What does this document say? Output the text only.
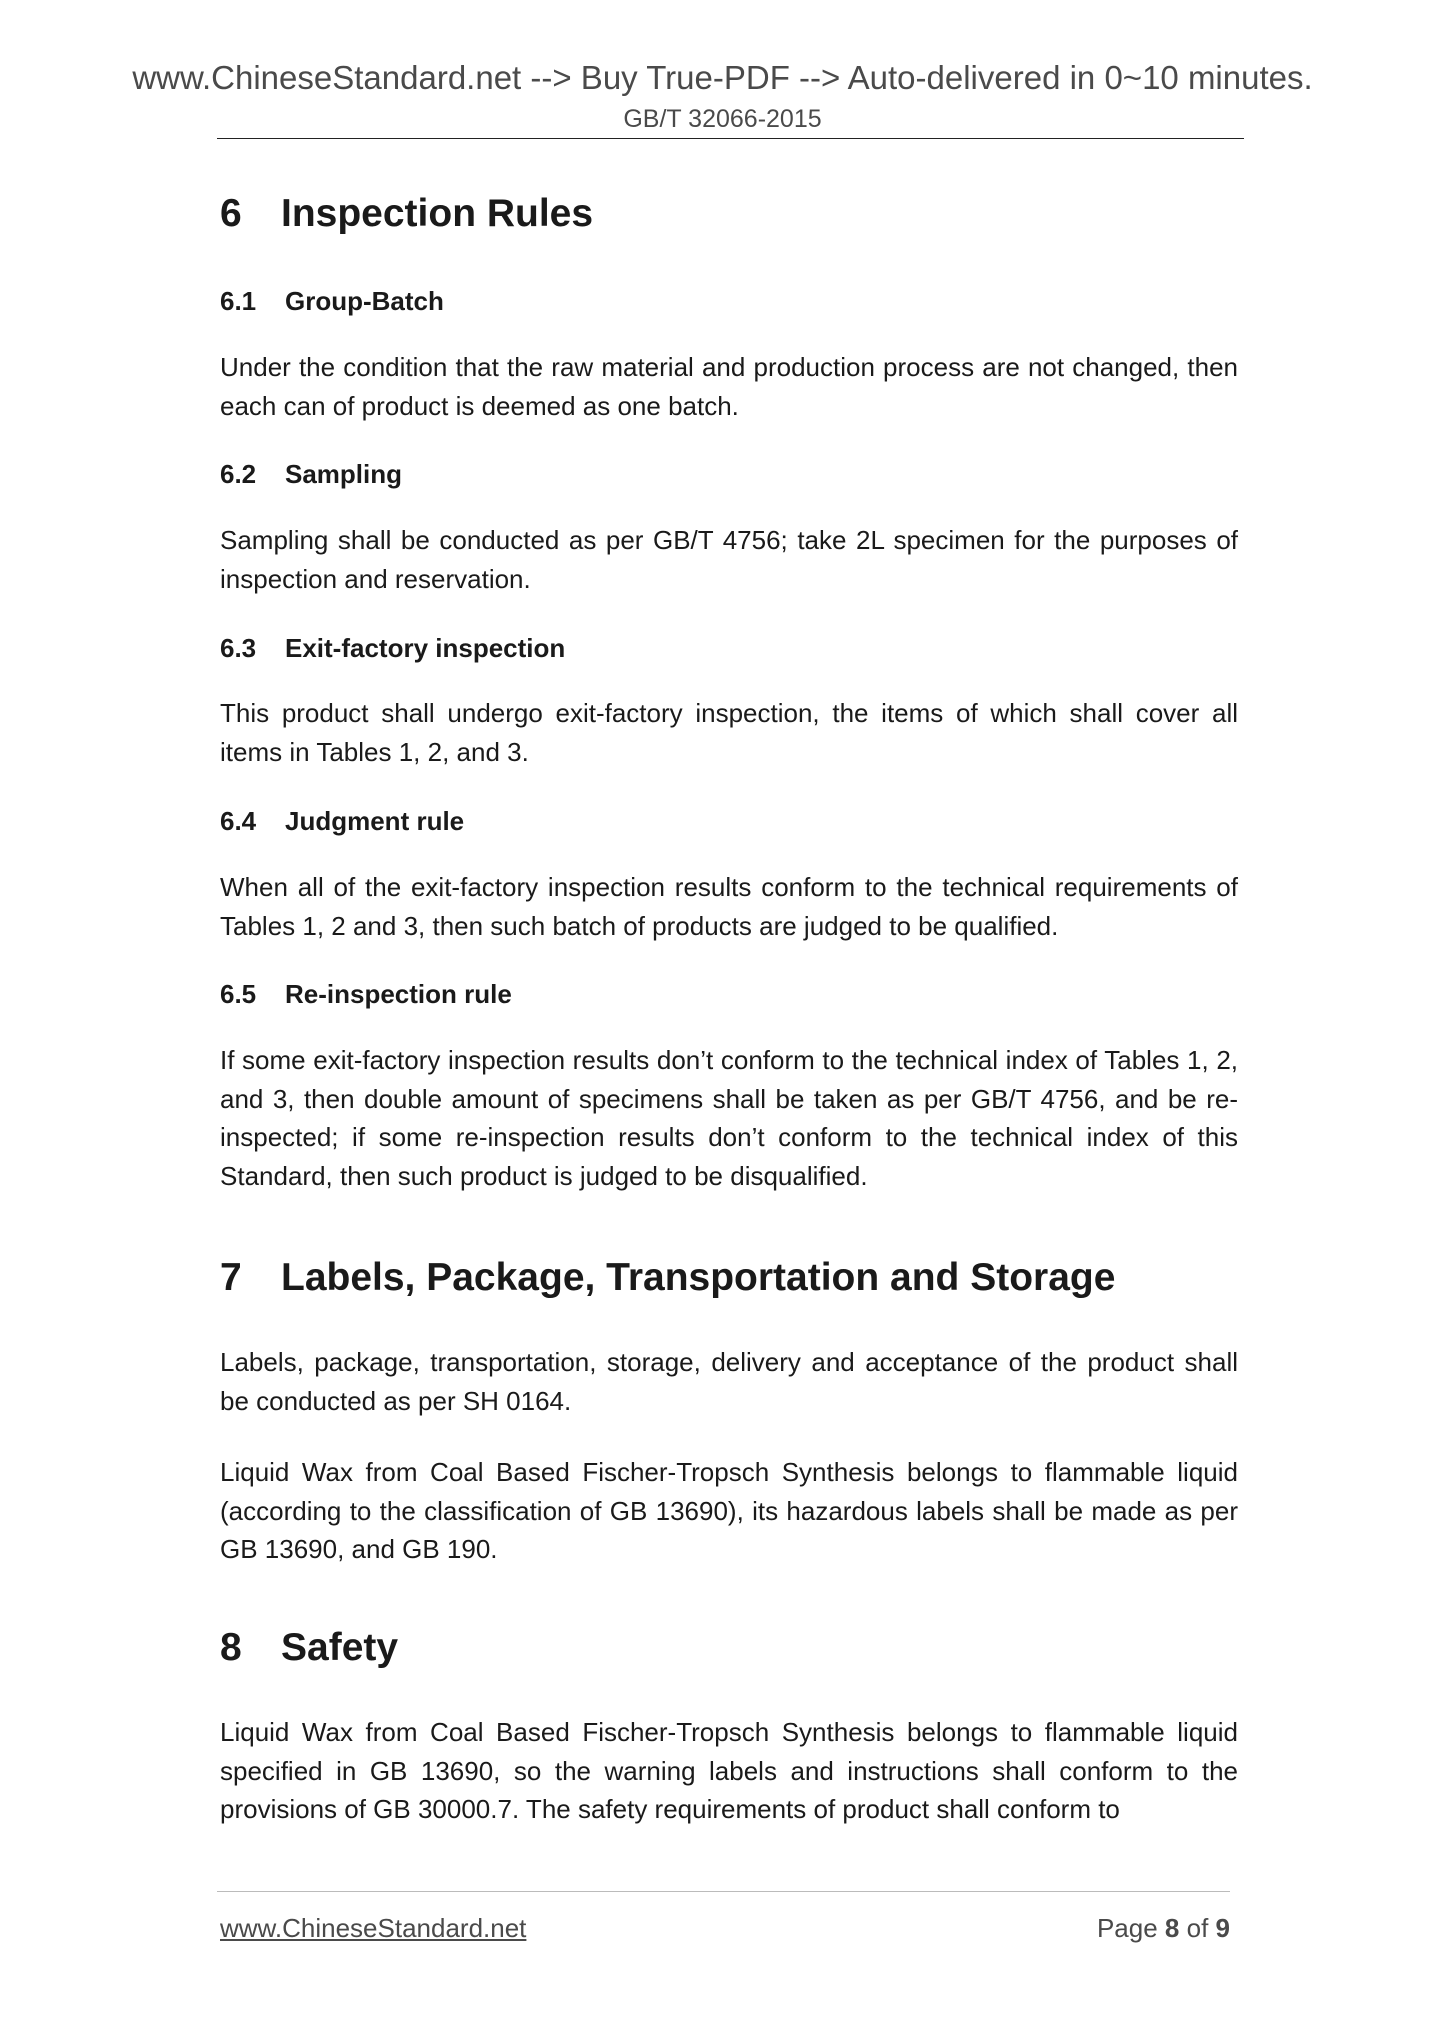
www.ChineseStandard.net --> Buy True-PDF --> Auto-delivered in 0~10 minutes.
GB/T 32066-2015
6 Inspection Rules
6.1 Group-Batch
Under the condition that the raw material and production process are not changed, then each can of product is deemed as one batch.
6.2 Sampling
Sampling shall be conducted as per GB/T 4756; take 2L specimen for the purposes of inspection and reservation.
6.3 Exit-factory inspection
This product shall undergo exit-factory inspection, the items of which shall cover all items in Tables 1, 2, and 3.
6.4 Judgment rule
When all of the exit-factory inspection results conform to the technical requirements of Tables 1, 2 and 3, then such batch of products are judged to be qualified.
6.5 Re-inspection rule
If some exit-factory inspection results don’t conform to the technical index of Tables 1, 2, and 3, then double amount of specimens shall be taken as per GB/T 4756, and be re-inspected; if some re-inspection results don’t conform to the technical index of this Standard, then such product is judged to be disqualified.
7 Labels, Package, Transportation and Storage
Labels, package, transportation, storage, delivery and acceptance of the product shall be conducted as per SH 0164.
Liquid Wax from Coal Based Fischer-Tropsch Synthesis belongs to flammable liquid (according to the classification of GB 13690), its hazardous labels shall be made as per GB 13690, and GB 190.
8 Safety
Liquid Wax from Coal Based Fischer-Tropsch Synthesis belongs to flammable liquid specified in GB 13690, so the warning labels and instructions shall conform to the provisions of GB 30000.7. The safety requirements of product shall conform to
www.ChineseStandard.net	Page 8 of 9
